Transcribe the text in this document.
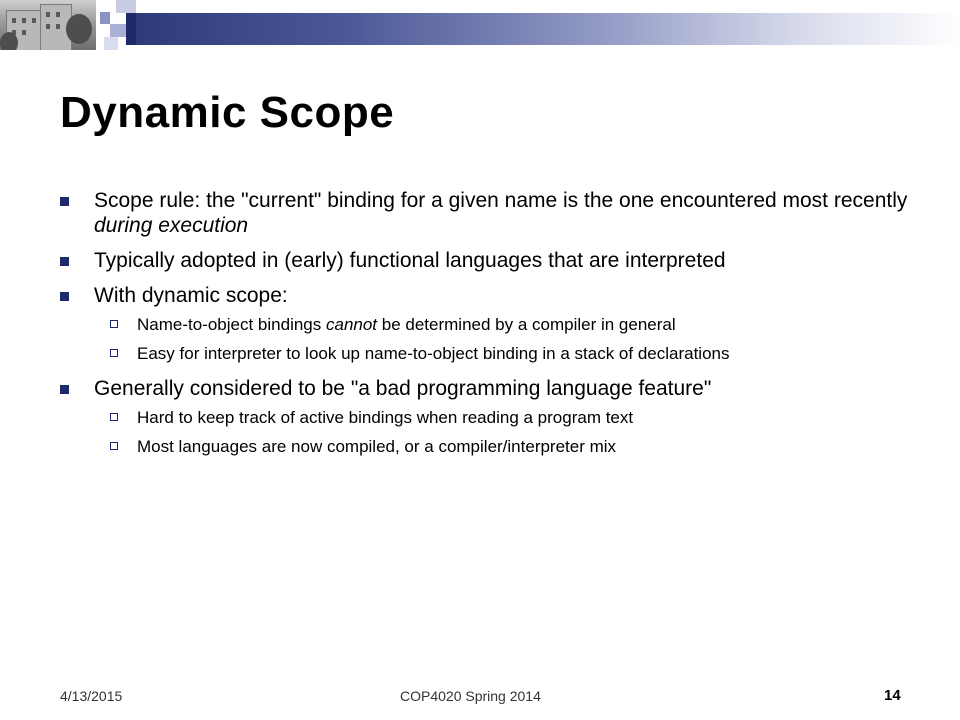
Dynamic Scope
Scope rule: the "current" binding for a given name is the one encountered most recently during execution
Typically adopted in (early) functional languages that are interpreted
With dynamic scope:
Name-to-object bindings cannot be determined by a compiler in general
Easy for interpreter to look up name-to-object binding in a stack of declarations
Generally considered to be "a bad programming language feature"
Hard to keep track of active bindings when reading a program text
Most languages are now compiled, or a compiler/interpreter mix
4/13/2015	COP4020 Spring 2014	14
